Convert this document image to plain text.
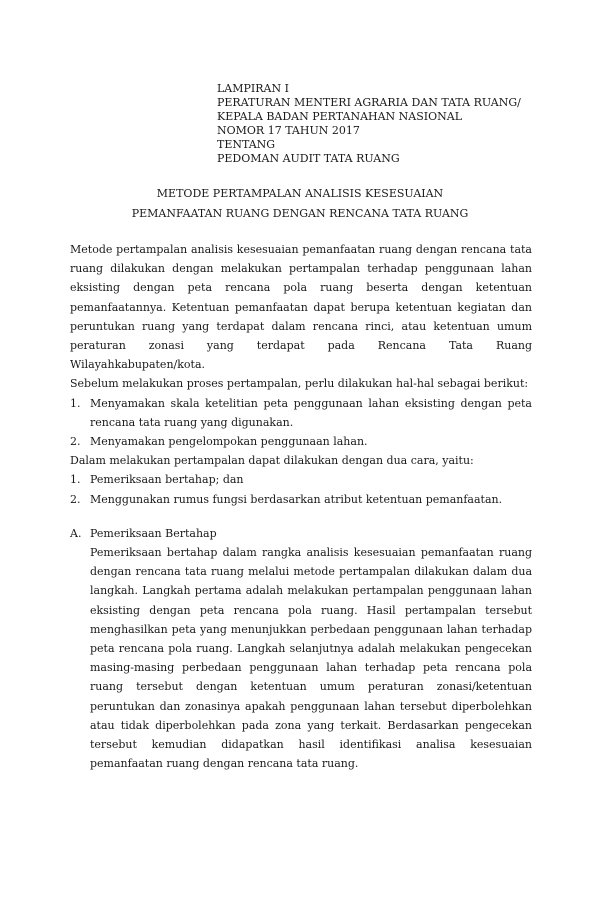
LAMPIRAN I
PERATURAN MENTERI AGRARIA DAN TATA RUANG/
KEPALA BADAN PERTANAHAN NASIONAL
NOMOR 17 TAHUN 2017
TENTANG
PEDOMAN AUDIT TATA RUANG
METODE PERTAMPALAN ANALISIS KESESUAIAN
PEMANFAATAN RUANG DENGAN RENCANA TATA RUANG

Metode pertampalan analisis kesesuaian pemanfaatan ruang dengan rencana tata ruang dilakukan dengan melakukan pertampalan terhadap penggunaan lahan eksisting dengan peta rencana pola ruang beserta dengan ketentuan pemanfaatannya. Ketentuan pemanfaatan dapat berupa ketentuan kegiatan dan peruntukan ruang yang terdapat dalam rencana rinci, atau ketentuan umum peraturan zonasi yang terdapat pada Rencana Tata Ruang Wilayahkabupaten/kota.

Sebelum melakukan proses pertampalan, perlu dilakukan hal-hal sebagai berikut:

1. Menyamakan skala ketelitian peta penggunaan lahan eksisting dengan peta rencana tata ruang yang digunakan.
2. Menyamakan pengelompokan penggunaan lahan.

Dalam melakukan pertampalan dapat dilakukan dengan dua cara, yaitu:

1. Pemeriksaan bertahap; dan
2. Menggunakan rumus fungsi berdasarkan atribut ketentuan pemanfaatan.
A. Pemeriksaan Bertahap
Pemeriksaan bertahap dalam rangka analisis kesesuaian pemanfaatan ruang dengan rencana tata ruang melalui metode pertampalan dilakukan dalam dua langkah. Langkah pertama adalah melakukan pertampalan penggunaan lahan eksisting dengan peta rencana pola ruang. Hasil pertampalan tersebut menghasilkan peta yang menunjukkan perbedaan penggunaan lahan terhadap peta rencana pola ruang. Langkah selanjutnya adalah melakukan pengecekan masing-masing perbedaan penggunaan lahan terhadap peta rencana pola ruang tersebut dengan ketentuan umum peraturan zonasi/ketentuan peruntukan dan zonasinya apakah penggunaan lahan tersebut diperbolehkan atau tidak diperbolehkan pada zona yang terkait. Berdasarkan pengecekan tersebut kemudian didapatkan hasil identifikasi analisa kesesuaian pemanfaatan ruang dengan rencana tata ruang.
